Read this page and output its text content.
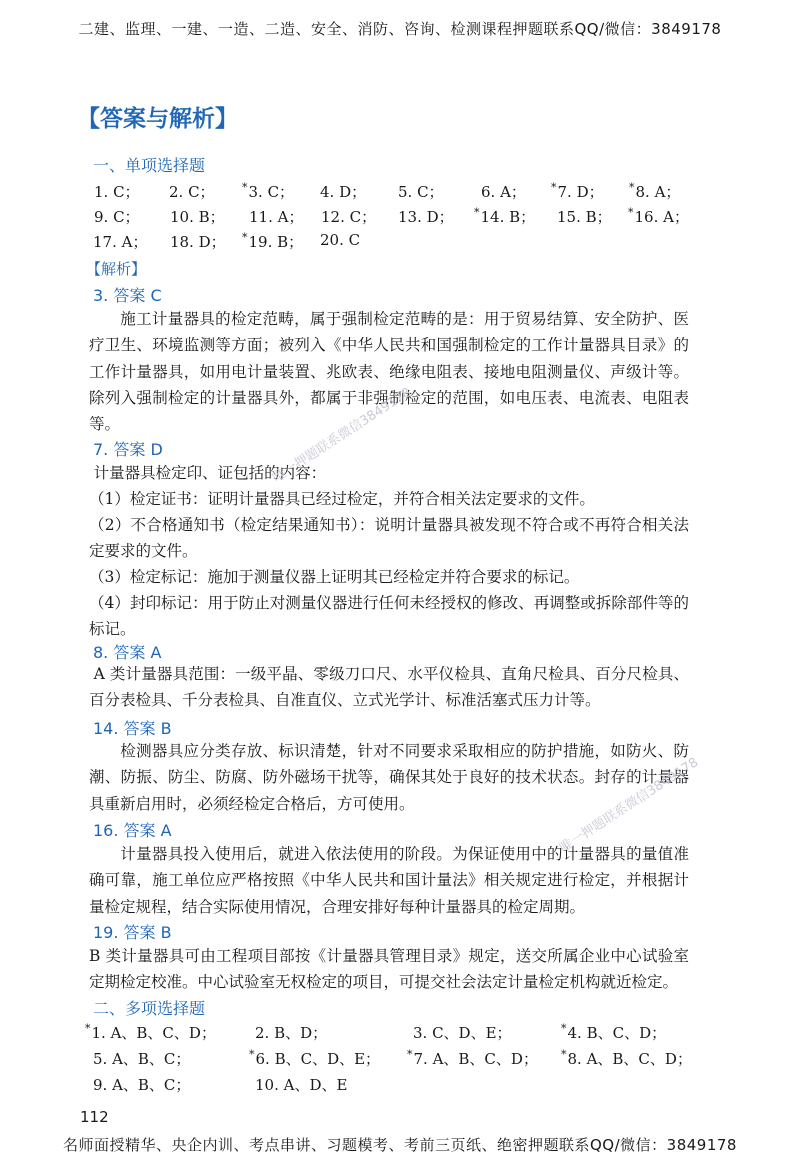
二建、监理、一建、一造、二造、安全、消防、咨询、检测课程押题联系QQ/微信：3849178
【答案与解析】
一、单项选择题
1. C； 2. C； *3. C； 4. D； 5. C； 6. A； *7. D； *8. A；
9. C； 10. B； 11. A； 12. C； 13. D； *14. B； 15. B； *16. A；
17. A； 18. D； *19. B； 20. C
【解析】
3. 答案 C
施工计量器具的检定范畴，属于强制检定范畴的是：用于贸易结算、安全防护、医疗卫生、环境监测等方面；被列入《中华人民共和国强制检定的工作计量器具目录》的工作计量器具，如用电计量装置、兆欧表、绝缘电阻表、接地电阻测量仪、声级计等。除列入强制检定的计量器具外，都属于非强制检定的范围，如电压表、电流表、电阻表等。
7. 答案 D
计量器具检定印、证包括的内容：
（1）检定证书：证明计量器具已经过检定，并符合相关法定要求的文件。
（2）不合格通知书（检定结果通知书）：说明计量器具被发现不符合或不再符合相关法定要求的文件。
（3）检定标记：施加于测量仪器上证明其已经检定并符合要求的标记。
（4）封印标记：用于防止对测量仪器进行任何未经授权的修改、再调整或拆除部件等的标记。
8. 答案 A
A 类计量器具范围：一级平晶、零级刀口尺、水平仪检具、直角尺检具、百分尺检具、百分表检具、千分表检具、自准直仪、立式光学计、标准活塞式压力计等。
14. 答案 B
检测器具应分类存放、标识清楚，针对不同要求采取相应的防护措施，如防火、防潮、防振、防尘、防腐、防外磁场干扰等，确保其处于良好的技术状态。封存的计量器具重新启用时，必须经检定合格后，方可使用。
16. 答案 A
计量器具投入使用后，就进入依法使用的阶段。为保证使用中的计量器具的量值准确可靠，施工单位应严格按照《中华人民共和国计量法》相关规定进行检定，并根据计量检定规程，结合实际使用情况，合理安排好每种计量器具的检定周期。
19. 答案 B
B 类计量器具可由工程项目部按《计量器具管理目录》规定，送交所属企业中心试验室定期检定校准。中心试验室无权检定的项目，可提交社会法定计量检定机构就近检定。
二、多项选择题
*1. A、B、C、D；	2. B、D；	3. C、D、E；	*4. B、C、D；
5. A、B、C；	*6. B、C、D、E； *7. A、B、C、D； *8. A、B、C、D；
9. A、B、C；	10. A、D、E
112
名师面授精华、央企内训、考点串讲、习题模考、考前三页纸、绝密押题联系QQ/微信：3849178
唯一押题联系微信3849178
唯一押题联系微信3849178
